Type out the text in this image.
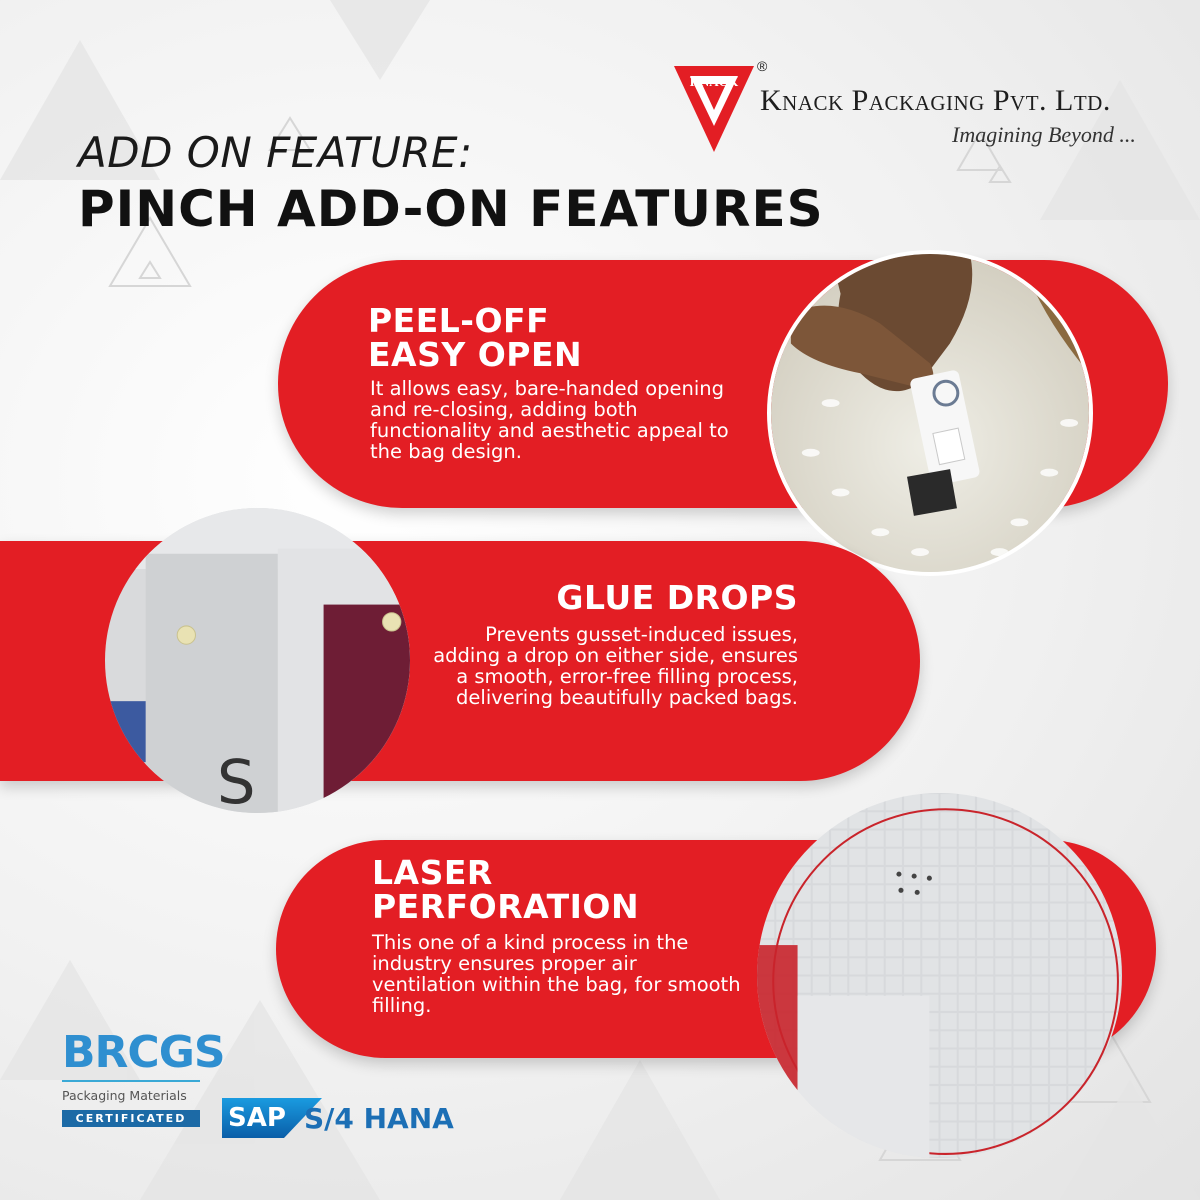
KNACK
®
Knack Packaging Pvt. Ltd.
Imagining Beyond ...
ADD ON FEATURE:
PINCH ADD-ON FEATURES
PEEL-OFF
EASY OPEN
It allows easy, bare-handed opening and re-closing, adding both functionality and aesthetic appeal to the bag design.
GLUE DROPS
Prevents gusset-induced issues, adding a drop on either side, ensures a smooth, error-free filling process, delivering beautifully packed bags.
S
LASER
PERFORATION
This one of a kind process in the industry ensures proper air ventilation within the bag, for smooth filling.
BRCGS
Packaging Materials
CERTIFICATED	SAP S/4 HANA
